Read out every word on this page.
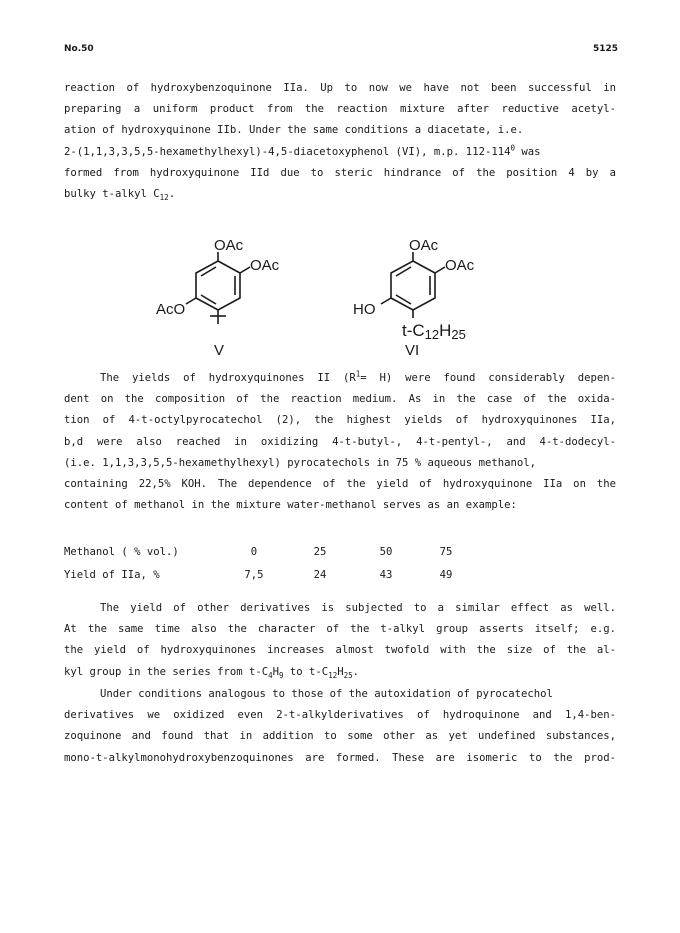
No.50	5125
reaction of hydroxybenzoquinone IIa. Up to now we have not been successful in
preparing a uniform product from the reaction mixture after reductive acetyl-
ation of hydroxyquinone IIb. Under the same conditions a diacetate, i.e.
2-(1,1,3,3,5,5-hexamethylhexyl)-4,5-diacetoxyphenol (VI), m.p. $112-114^0$ was
formed from hydroxyquinone IId due to steric hindrance of the position 4 by a
bulky t-alkyl $C_{12}$.
OAc
OAc
AcO
V
OAc
OAc
HO
t-C12H25
VI
The yields of hydroxyquinones II $(R^1= H)$ were found considerably depen-
dent on the composition of the reaction medium. As in the case of the oxida-
tion of 4-t-octylpyrocatechol (2), the highest yields of hydroxyquinones IIa,
b,d were also reached in oxidizing 4-t-butyl-, 4-t-pentyl-, and 4-t-dodecyl-
(i.e. 1,1,3,3,5,5-hexamethylhexyl) pyrocatechols in 75 % aqueous methanol,
containing 22,5% KOH. The dependence of the yield of hydroxyquinone IIa on the
content of methanol in the mixture water-methanol serves as an example:
Methanol ( % vol.)	0	25	50	75
Yield of IIa, %	7,5	24	43	49
The yield of other derivatives is subjected to a similar effect as well.
At the same time also the character of the t-alkyl group asserts itself; e.g.
the yield of hydroxyquinones increases almost twofold with the size of the al-
kyl group in the series from $t-C_4H_9$ to $t-C_{12}H_{25}$.
Under conditions analogous to those of the autoxidation of pyrocatechol
derivatives we oxidized even 2-t-alkylderivatives of hydroquinone and 1,4-ben-
zoquinone and found that in addition to some other as yet undefined substances,
mono-t-alkylmonohydroxybenzoquinones are formed. These are isomeric to the prod-
